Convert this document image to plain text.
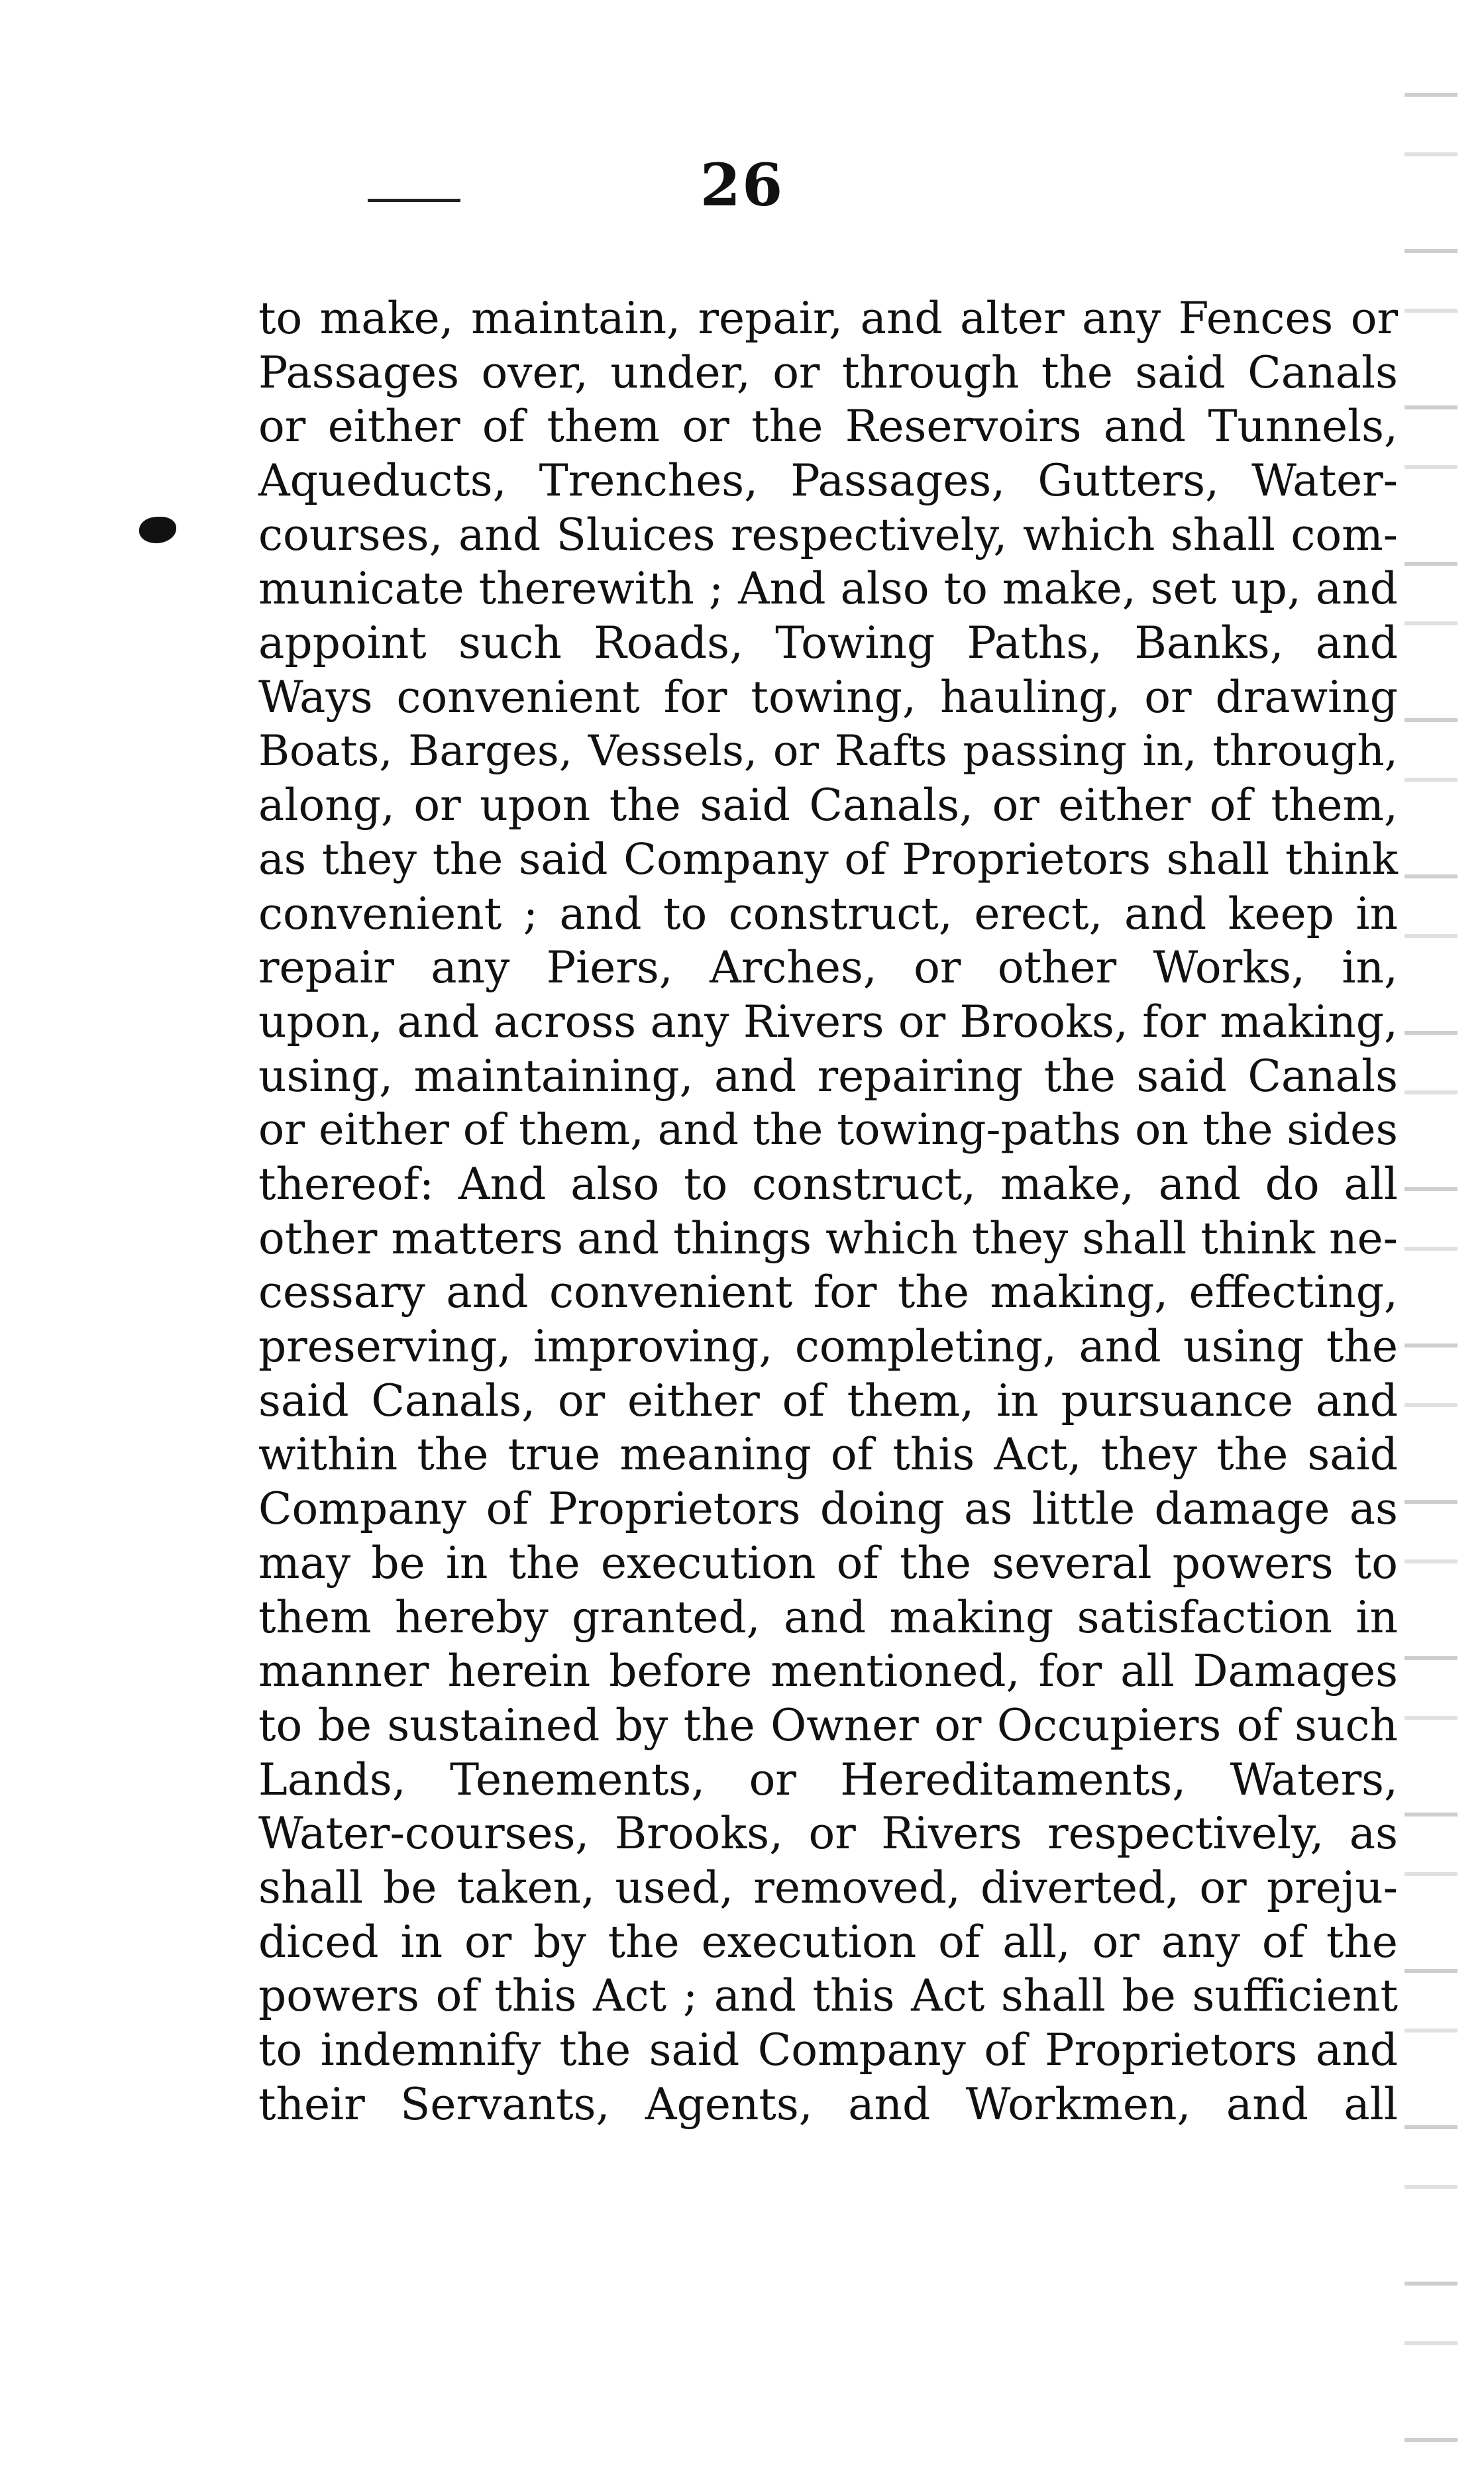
26
to make, maintain, repair, and alter any Fences or
Passages over, under, or through the said Canals
or either of them or the Reservoirs and Tunnels,
Aqueducts, Trenches, Passages, Gutters, Water-
courses, and Sluices respectively, which shall com-
municate therewith ; And also to make, set up, and
appoint such Roads, Towing Paths, Banks, and
Ways convenient for towing, hauling, or drawing
Boats, Barges, Vessels, or Rafts passing in, through,
along, or upon the said Canals, or either of them,
as they the said Company of Proprietors shall think
convenient ; and to construct, erect, and keep in
repair any Piers, Arches, or other Works, in,
upon, and across any Rivers or Brooks, for making,
using, maintaining, and repairing the said Canals
or either of them, and the towing-paths on the sides
thereof: And also to construct, make, and do all
other matters and things which they shall think ne-
cessary and convenient for the making, effecting,
preserving, improving, completing, and using the
said Canals, or either of them, in pursuance and
within the true meaning of this Act, they the said
Company of Proprietors doing as little damage as
may be in the execution of the several powers to
them hereby granted, and making satisfaction in
manner herein before mentioned, for all Damages
to be sustained by the Owner or Occupiers of such
Lands, Tenements, or Hereditaments, Waters,
Water-courses, Brooks, or Rivers respectively, as
shall be taken, used, removed, diverted, or preju-
diced in or by the execution of all, or any of the
powers of this Act ; and this Act shall be sufficient
to indemnify the said Company of Proprietors and
their Servants, Agents, and Workmen, and all
